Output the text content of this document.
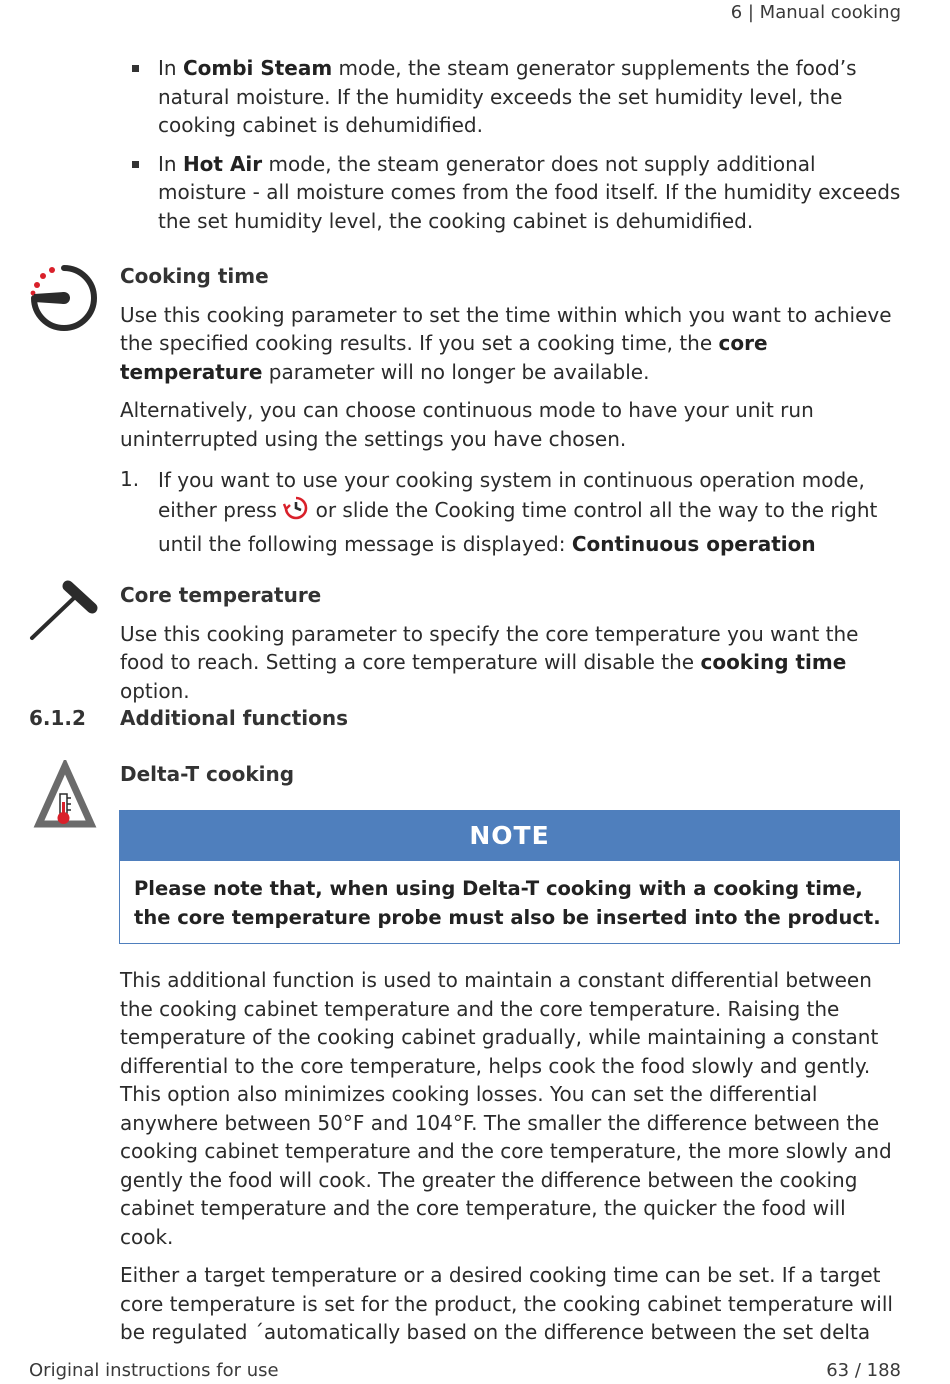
6 | Manual cooking
In Combi Steam mode, the steam generator supplements the food’s natural moisture. If the humidity exceeds the set humidity level, the cooking cabinet is dehumidified.
In Hot Air mode, the steam generator does not supply additional moisture - all moisture comes from the food itself. If the humidity exceeds the set humidity level, the cooking cabinet is dehumidified.
Cooking time

Use this cooking parameter to set the time within which you want to achieve the specified cooking results. If you set a cooking time, the core temperature parameter will no longer be available.

Alternatively, you can choose continuous mode to have your unit run uninterrupted using the settings you have chosen.

1. If you want to use your cooking system in continuous operation mode, either press  or slide the Cooking time control all the way to the right until the following message is displayed: Continuous operation
Core temperature

Use this cooking parameter to specify the core temperature you want the food to reach. Setting a core temperature will disable the cooking time option.

6.1.2 Additional functions
Delta-T cooking
NOTE
Please note that, when using Delta-T cooking with a cooking time, the core temperature probe must also be inserted into the product.

This additional function is used to maintain a constant differential between the cooking cabinet temperature and the core temperature. Raising the temperature of the cooking cabinet gradually, while maintaining a constant differential to the core temperature, helps cook the food slowly and gently. This option also minimizes cooking losses. You can set the differential anywhere between 50°F and 104°F. The smaller the difference between the cooking cabinet temperature and the core temperature, the more slowly and gently the food will cook. The greater the difference between the cooking cabinet temperature and the core temperature, the quicker the food will cook.

Either a target temperature or a desired cooking time can be set. If a target core temperature is set for the product, the cooking cabinet temperature will be regulated ´automatically based on the difference between the set delta

Original instructions for use	63 / 188
